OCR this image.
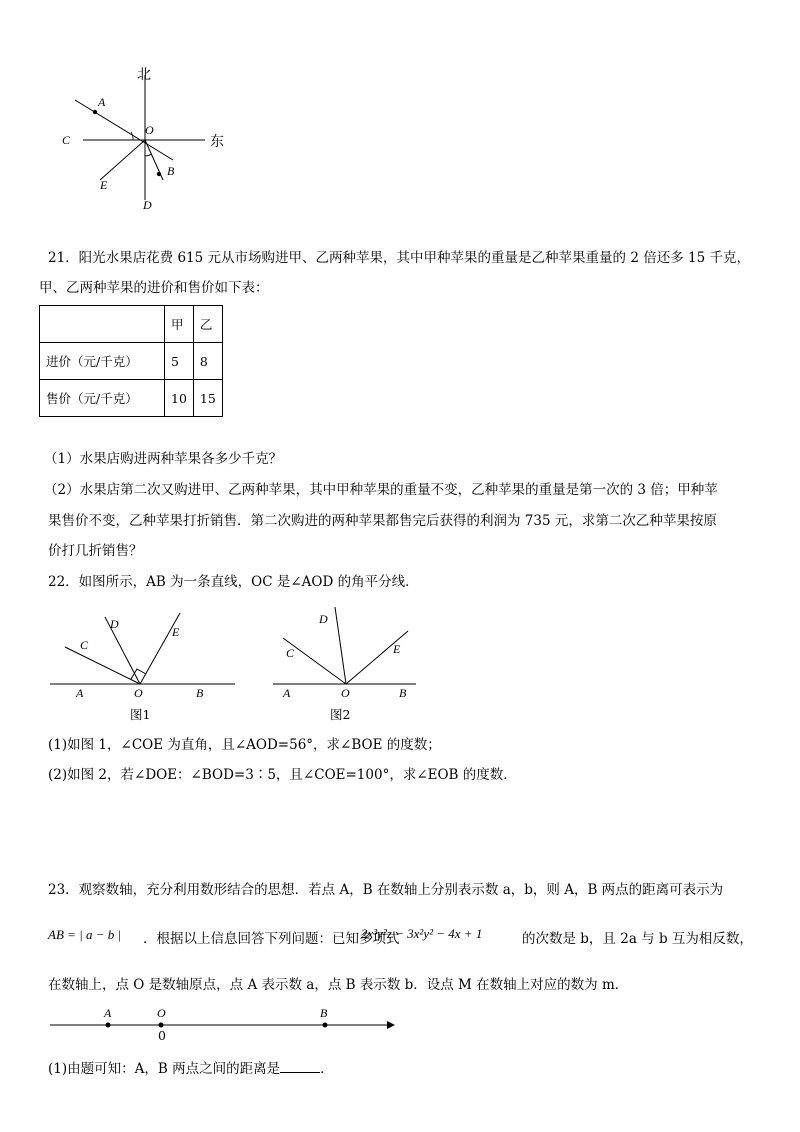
北
东
A
O
C
B
E
D
21．阳光水果店花费 615 元从市场购进甲、乙两种苹果，其中甲种苹果的重量是乙种苹果重量的 2 倍还多 15 千克，
甲、乙两种苹果的进价和售价如下表：
	甲	乙
进价（元/千克）	5	8
售价（元/千克）	10	15
（1）水果店购进两种苹果各多少千克？
（2）水果店第二次又购进甲、乙两种苹果，其中甲种苹果的重量不变，乙种苹果的重量是第一次的 3 倍；甲种苹
果售价不变，乙种苹果打折销售．第二次购进的两种苹果都售完后获得的利润为 735 元，求第二次乙种苹果按原
价打几折销售？
22．如图所示，AB 为一条直线，OC 是∠AOD 的角平分线．
D
E
C
A	O	B
图1
D
C	E
A	O	B
图2
(1)如图 1，∠COE 为直角，且∠AOD=56°，求∠BOE 的度数；
(2)如图 2，若∠DOE：∠BOD=3∶5，且∠COE=100°，求∠EOB 的度数．
23．观察数轴，充分利用数形结合的思想．若点 A，B 在数轴上分别表示数 a，b，则 A，B 两点的距离可表示为
AB = | a − b | ．根据以上信息回答下列问题：已知多项式
2x³y²z − 3x²y² − 4x + 1	的次数是 b，且 2a 与 b 互为相反数，
在数轴上，点 O 是数轴原点，点 A 表示数 a，点 B 表示数 b．设点 M 在数轴上对应的数为 m．
A	O	B
0
(1)由题可知：A，B 两点之间的距离是	．
